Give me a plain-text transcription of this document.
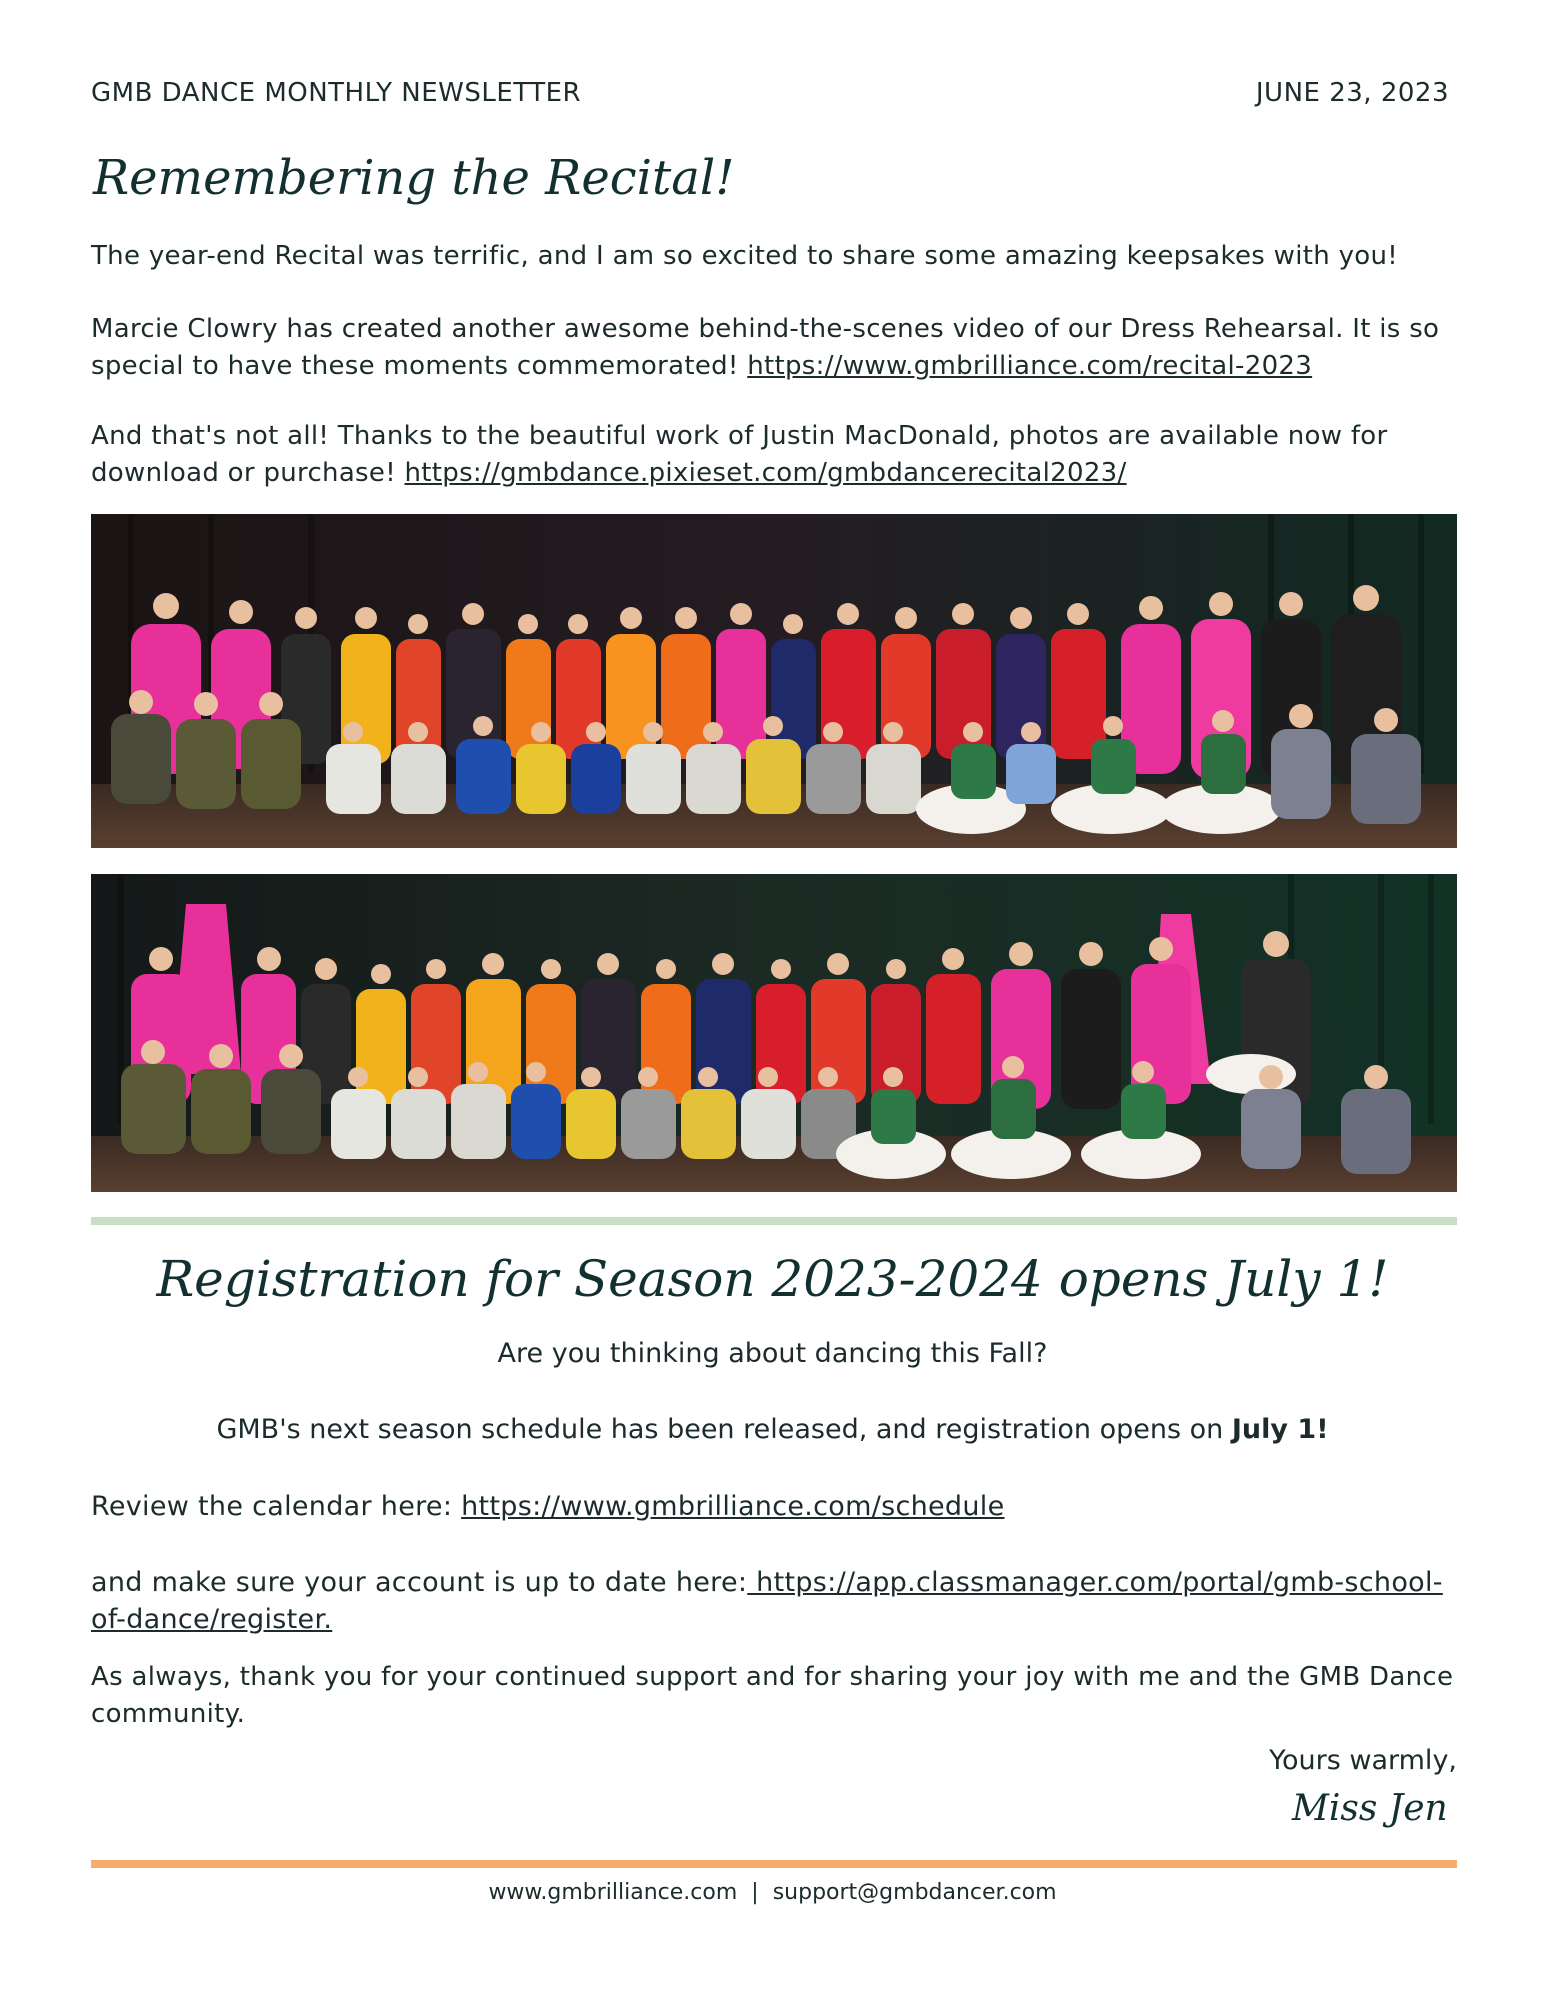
GMB DANCE MONTHLY NEWSLETTER	JUNE 23, 2023
Remembering the Recital!
The year-end Recital was terrific, and I am so excited to share some amazing keepsakes with you!
Marcie Clowry has created another awesome behind-the-scenes video of our Dress Rehearsal. It is so special to have these moments commemorated! https://www.gmbrilliance.com/recital-2023
And that's not all! Thanks to the beautiful work of Justin MacDonald, photos are available now for download or purchase! https://gmbdance.pixieset.com/gmbdancerecital2023/
Registration for Season 2023-2024 opens July 1!
Are you thinking about dancing this Fall?
GMB's next season schedule has been released, and registration opens on July 1!
Review the calendar here: https://www.gmbrilliance.com/schedule
and make sure your account is up to date here: https://app.classmanager.com/portal/gmb-school-of-dance/register.
As always, thank you for your continued support and for sharing your joy with me and the GMB Dance community.
Yours warmly,
Miss Jen
www.gmbrilliance.com | support@gmbdancer.com
